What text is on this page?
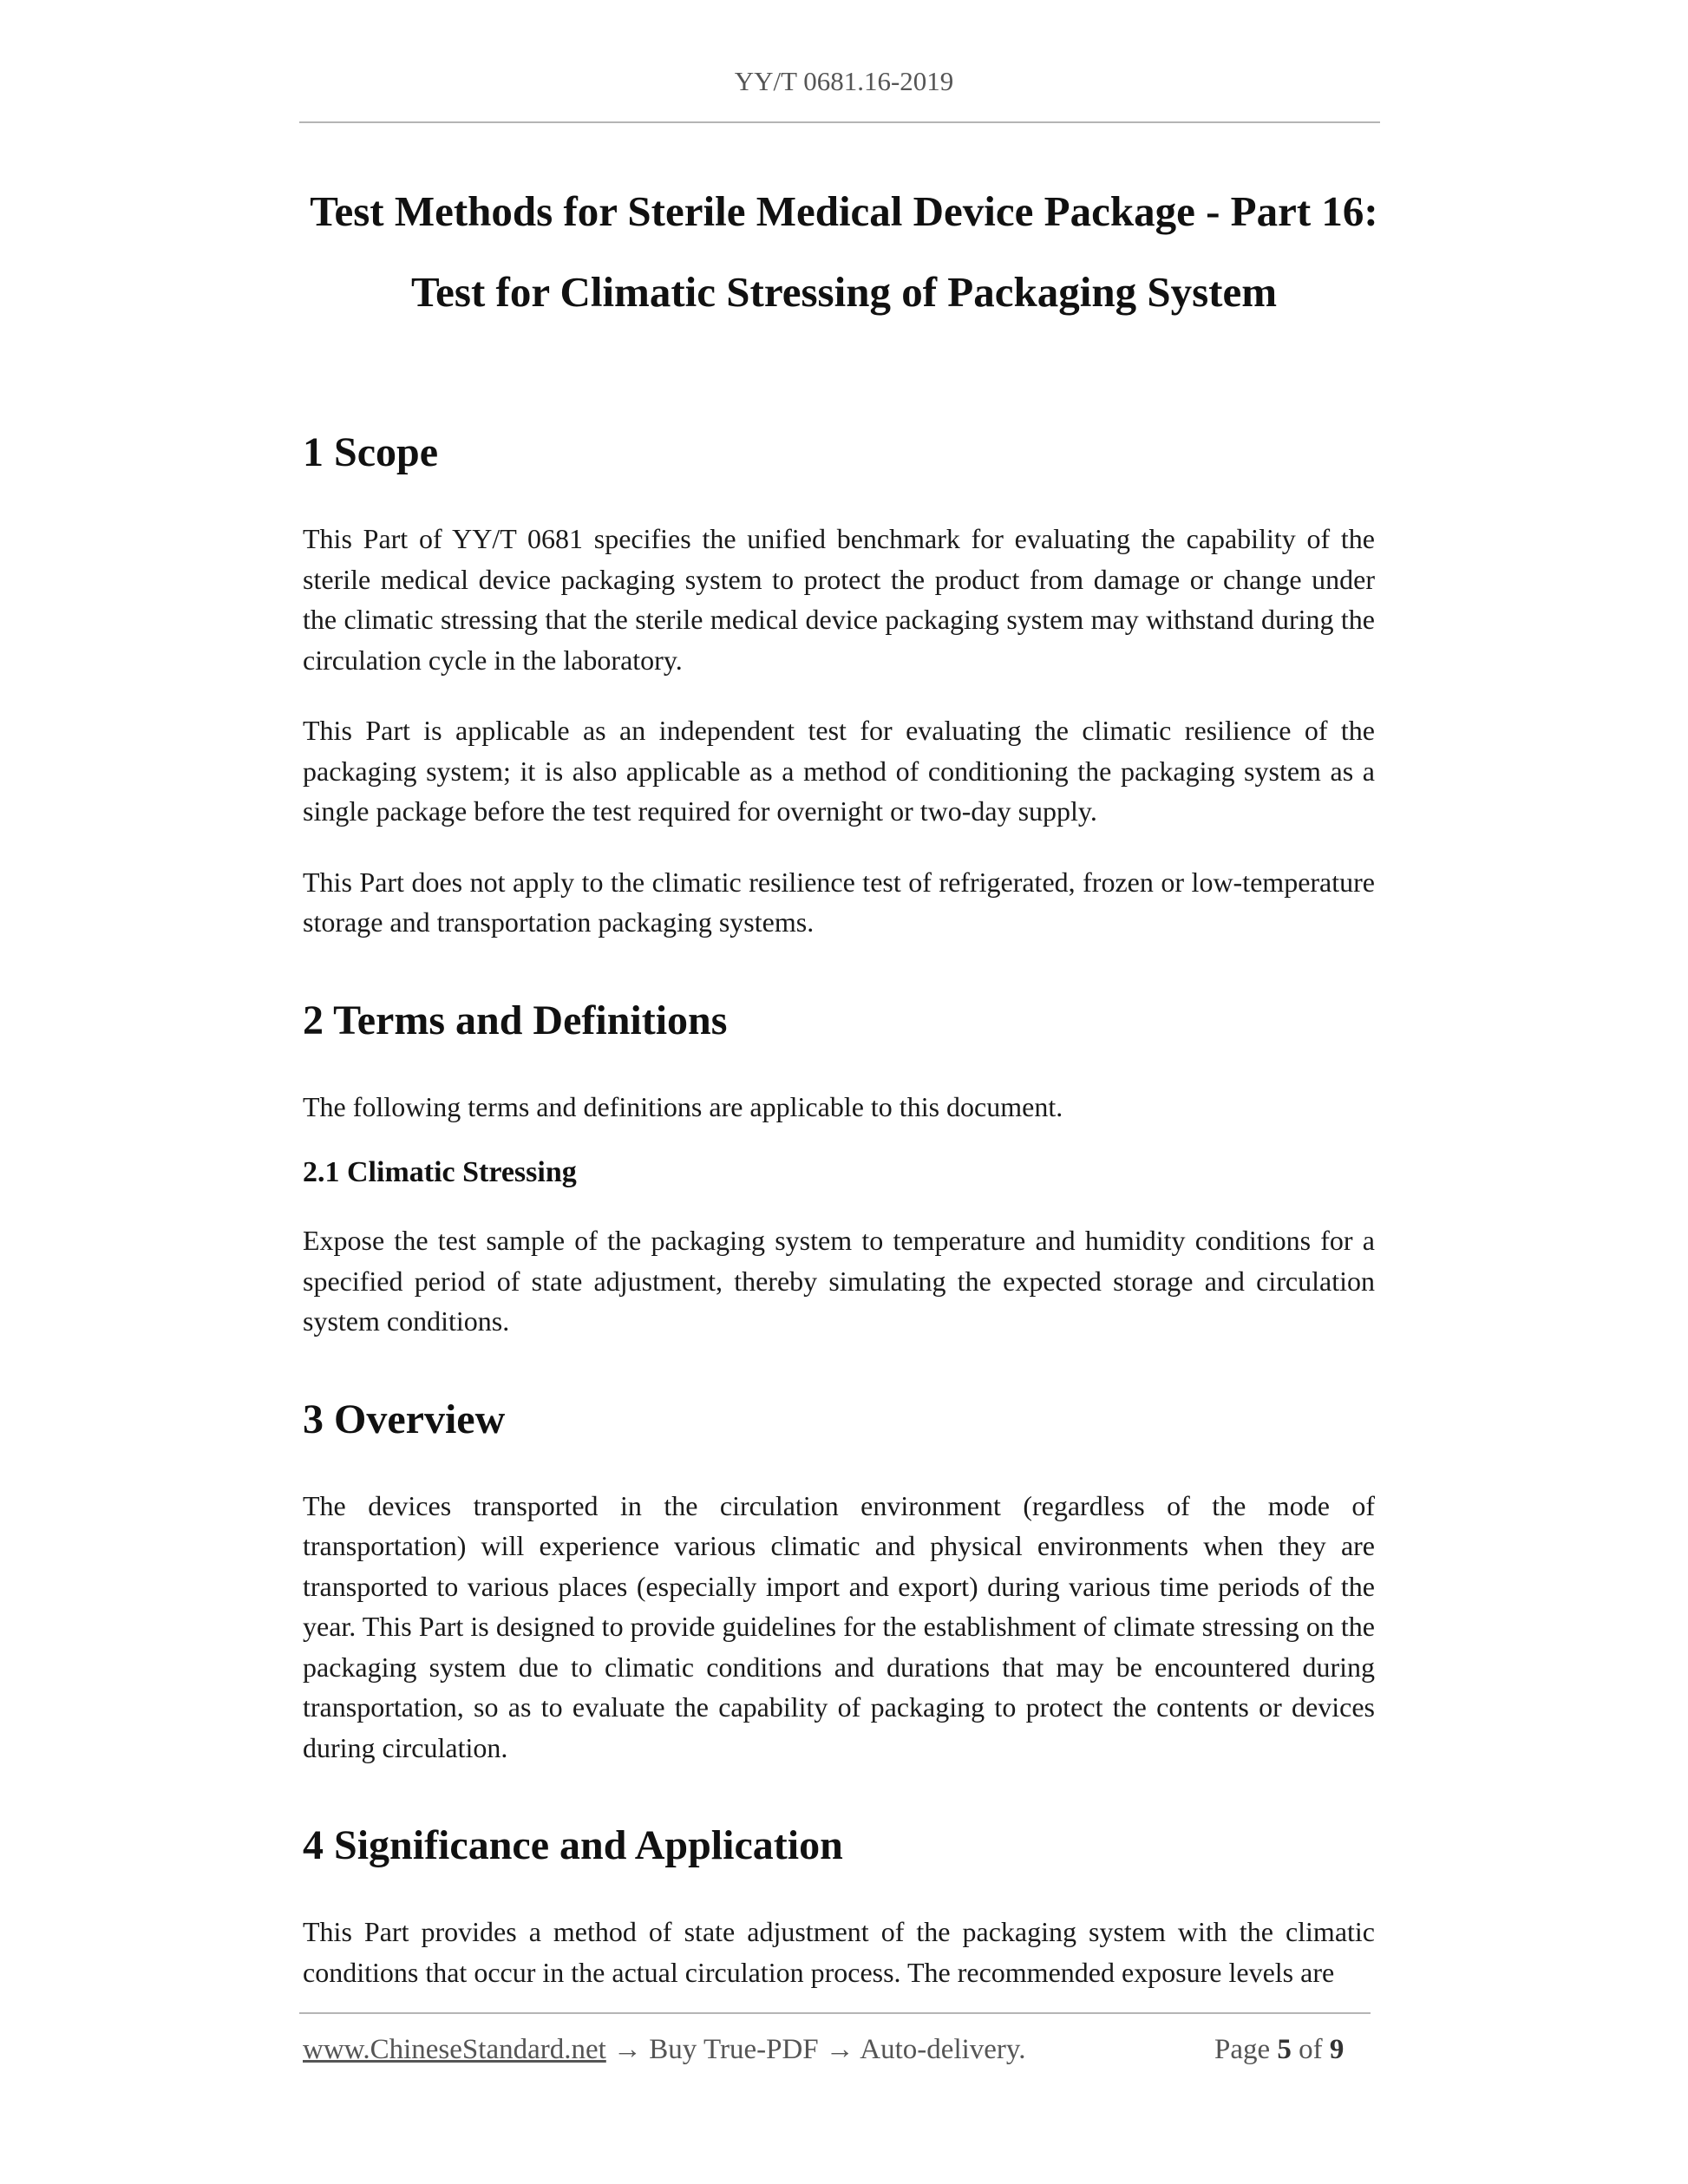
YY/T 0681.16-2019
Test Methods for Sterile Medical Device Package - Part 16:
Test for Climatic Stressing of Packaging System
1 Scope

This Part of YY/T 0681 specifies the unified benchmark for evaluating the capability of the sterile medical device packaging system to protect the product from damage or change under the climatic stressing that the sterile medical device packaging system may withstand during the circulation cycle in the laboratory.

This Part is applicable as an independent test for evaluating the climatic resilience of the packaging system; it is also applicable as a method of conditioning the packaging system as a single package before the test required for overnight or two-day supply.

This Part does not apply to the climatic resilience test of refrigerated, frozen or low-temperature storage and transportation packaging systems.

2 Terms and Definitions

The following terms and definitions are applicable to this document.

2.1 Climatic Stressing

Expose the test sample of the packaging system to temperature and humidity conditions for a specified period of state adjustment, thereby simulating the expected storage and circulation system conditions.

3 Overview

The devices transported in the circulation environment (regardless of the mode of transportation) will experience various climatic and physical environments when they are transported to various places (especially import and export) during various time periods of the year. This Part is designed to provide guidelines for the establishment of climate stressing on the packaging system due to climatic conditions and durations that may be encountered during transportation, so as to evaluate the capability of packaging to protect the contents or devices during circulation.

4 Significance and Application

This Part provides a method of state adjustment of the packaging system with the climatic conditions that occur in the actual circulation process. The recommended exposure levels are

www.ChineseStandard.net → Buy True-PDF → Auto-delivery.	Page 5 of 9
